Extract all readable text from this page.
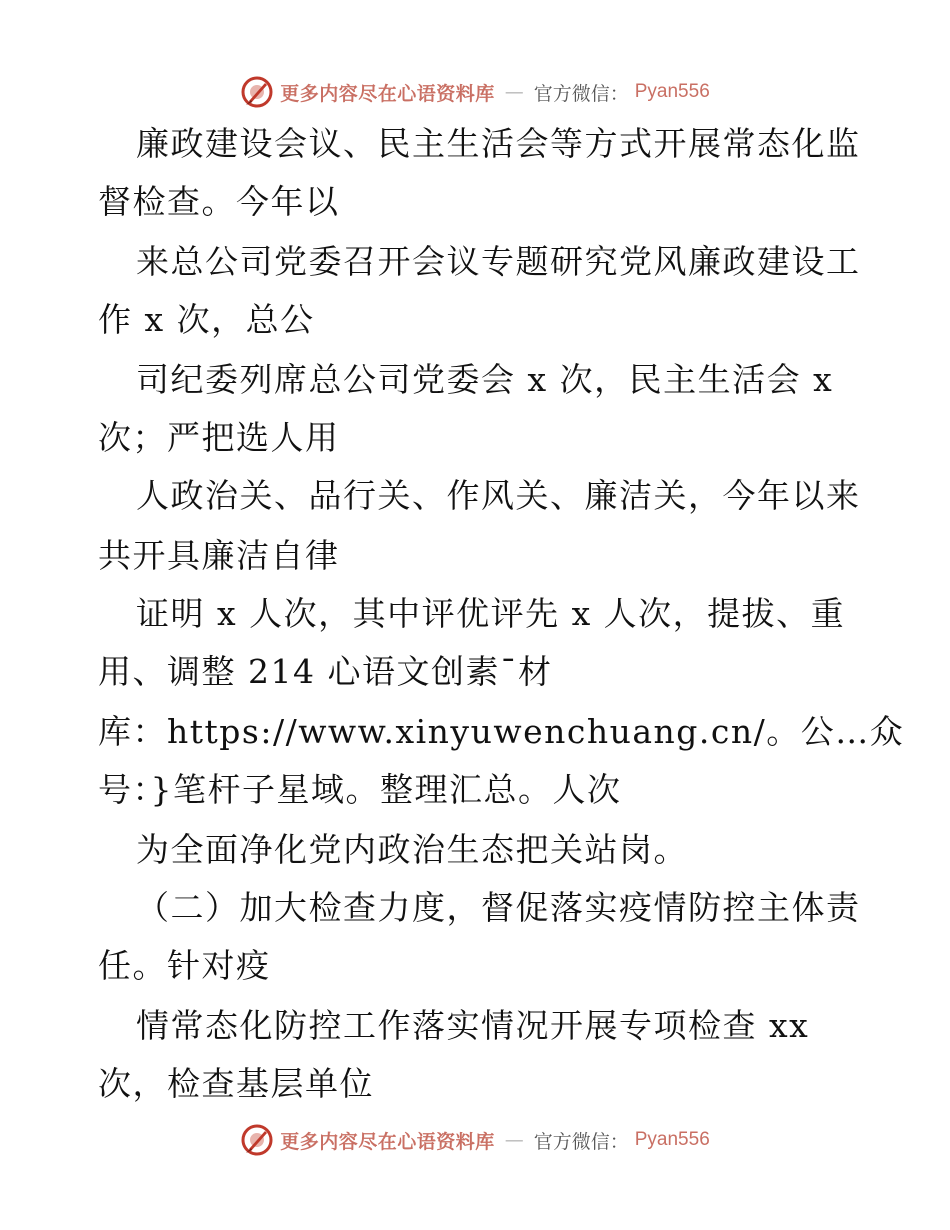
更多内容尽在心语资料库 — 官方微信： Pyan556
廉政建设会议、民主生活会等方式开展常态化监
督检查。今年以
来总公司党委召开会议专题研究党风廉政建设工
作 x 次，总公
司纪委列席总公司党委会 x 次，民主生活会 x
次；严把选人用
人政治关、品行关、作风关、廉洁关，今年以来
共开具廉洁自律
证明 x 人次，其中评优评先 x 人次，提拔、重
用、调整 214 心语文创素¯材
库：https://www.xinyuwenchuang.cn/。公…众
号：}笔杆子星域。整理汇总。人次
为全面净化党内政治生态把关站岗。
（二）加大检查力度，督促落实疫情防控主体责
任。针对疫
情常态化防控工作落实情况开展专项检查 xx
次，检查基层单位
更多内容尽在心语资料库 — 官方微信： Pyan556
